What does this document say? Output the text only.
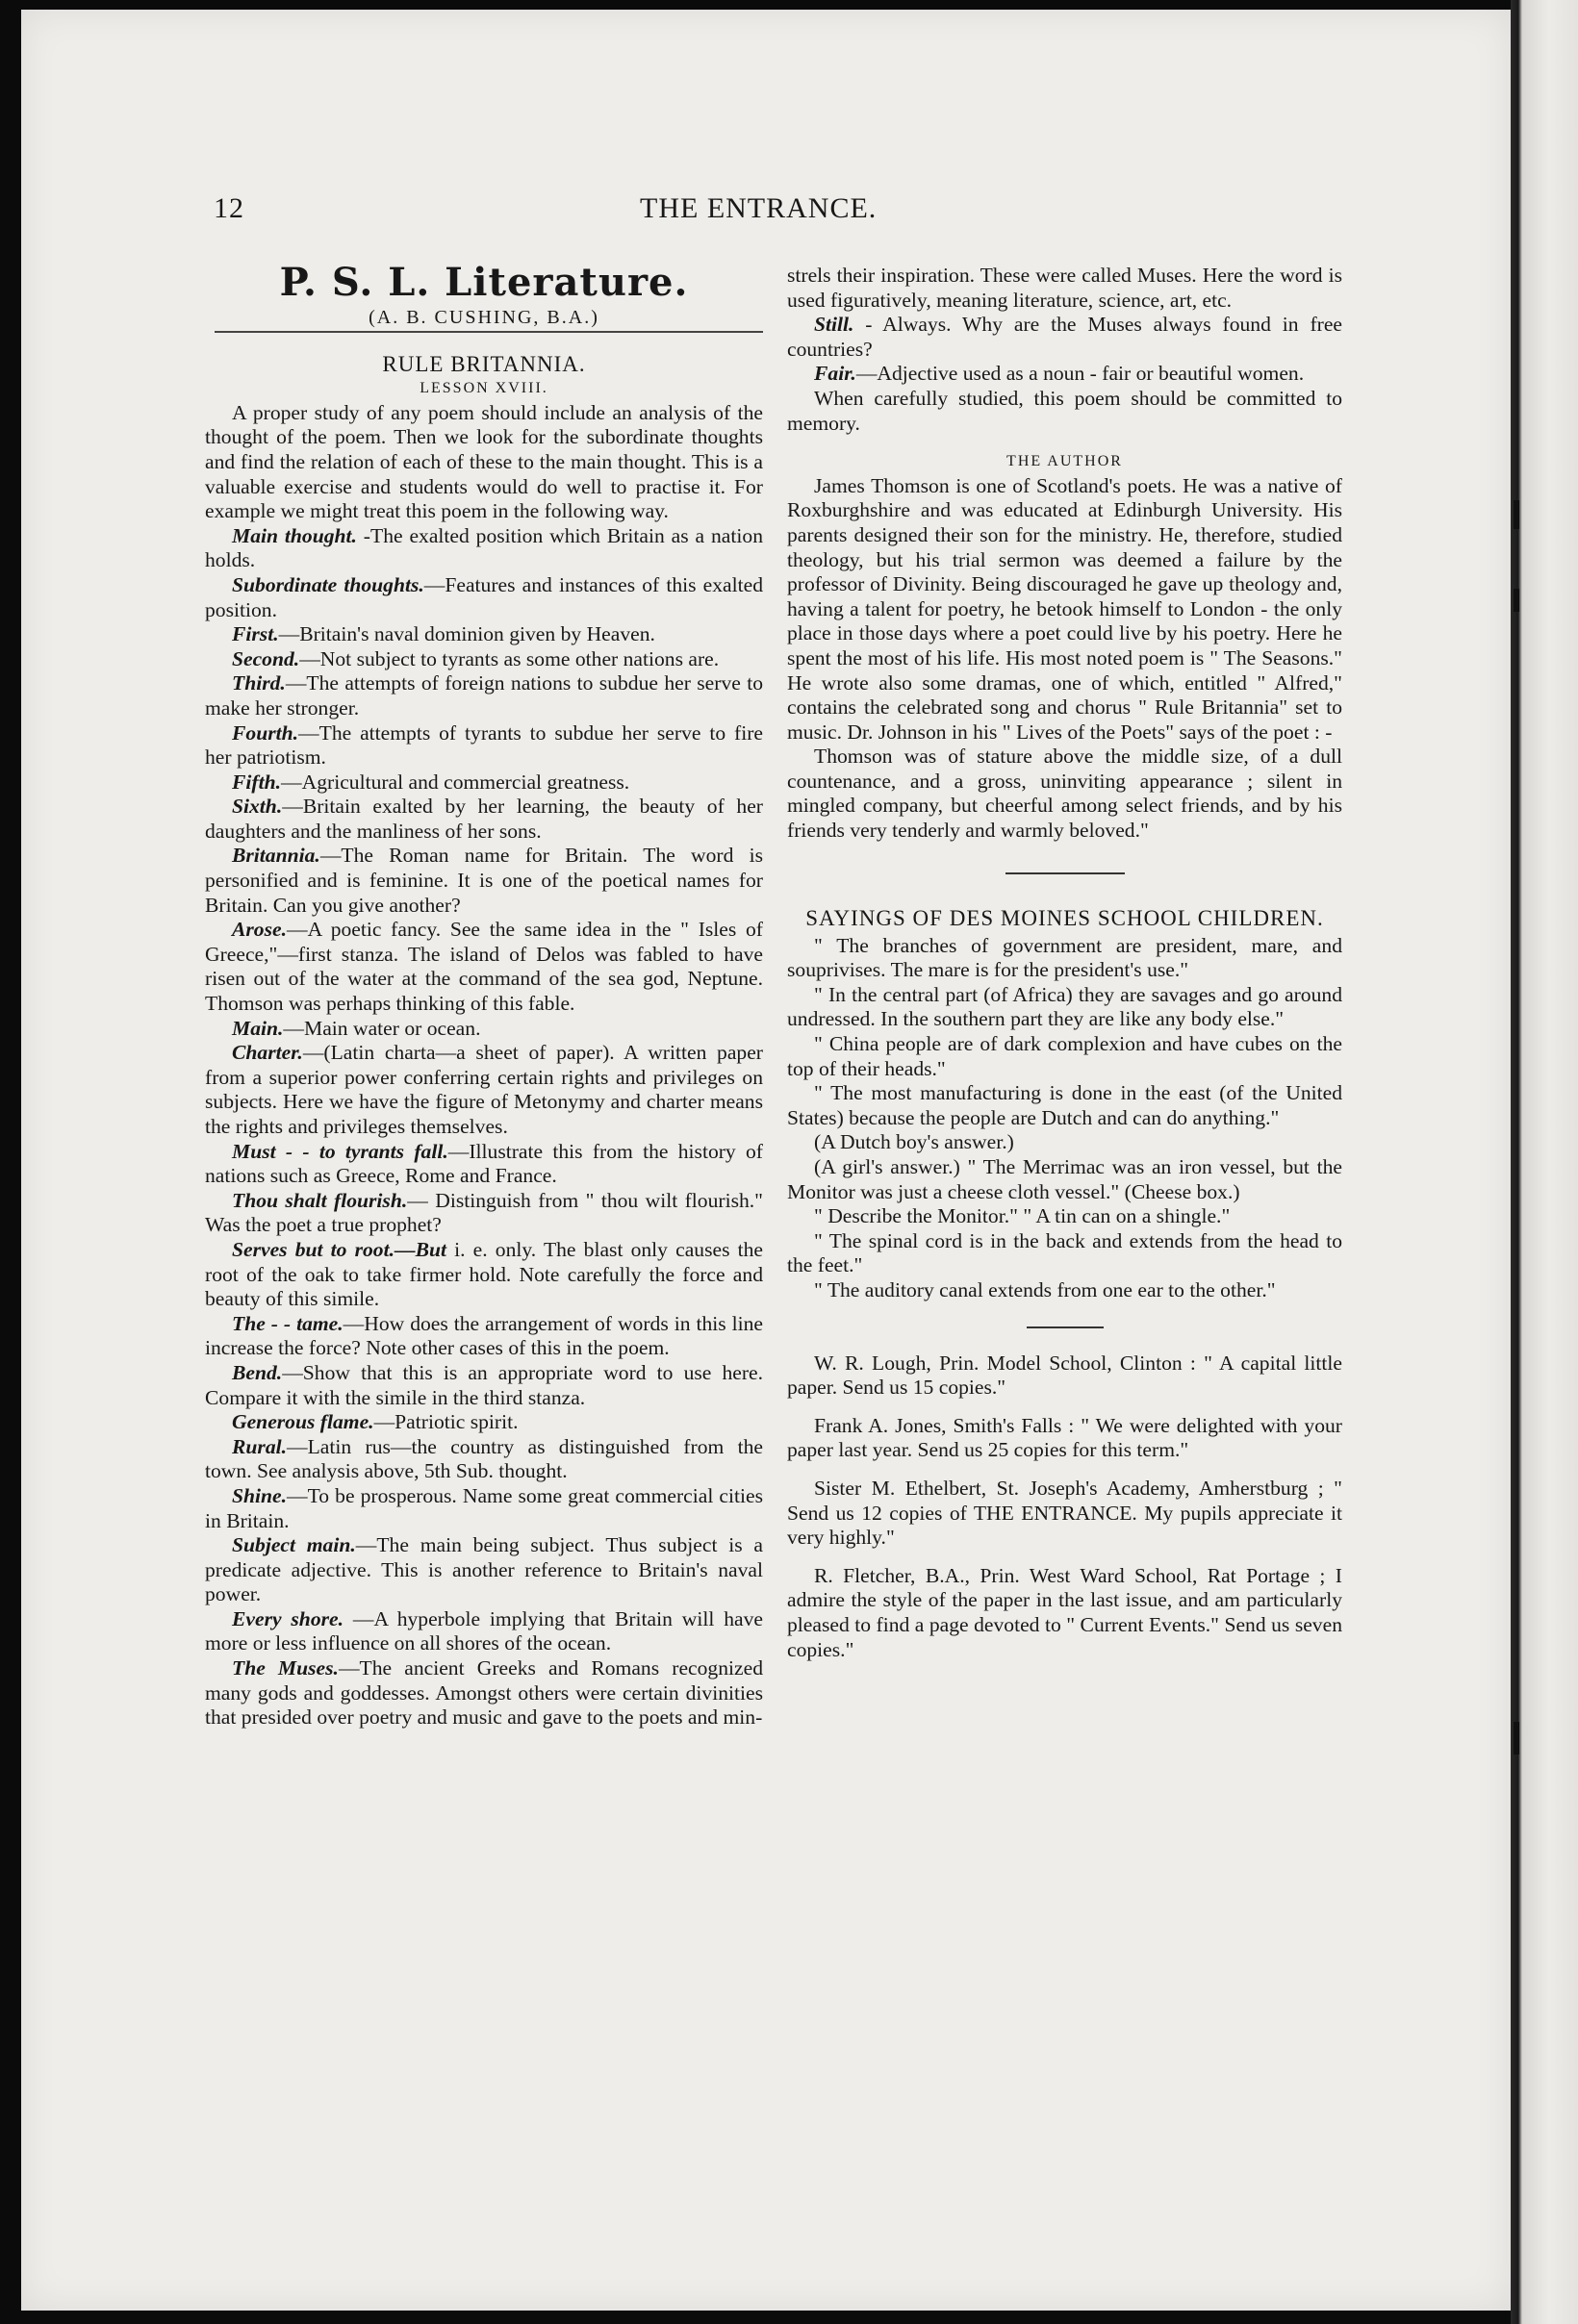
12	THE ENTRANCE.

P. S. L. Literature.

(A. B. CUSHING, B.A.)

RULE BRITANNIA.

LESSON XVIII.

A proper study of any poem should include an analysis of the thought of the poem. Then we look for the subordinate thoughts and find the relation of each of these to the main thought. This is a valuable exercise and students would do well to practise it. For example we might treat this poem in the following way.

Main thought. -The exalted position which Britain as a nation holds.

Subordinate thoughts.—Features and instances of this exalted position.

First.—Britain's naval dominion given by Heaven.

Second.—Not subject to tyrants as some other nations are.

Third.—The attempts of foreign nations to subdue her serve to make her stronger.

Fourth.—The attempts of tyrants to subdue her serve to fire her patriotism.

Fifth.—Agricultural and commercial greatness.

Sixth.—Britain exalted by her learning, the beauty of her daughters and the manliness of her sons.

Britannia.—The Roman name for Britain. The word is personified and is feminine. It is one of the poetical names for Britain. Can you give another?

Arose.—A poetic fancy. See the same idea in the " Isles of Greece,"—first stanza. The island of Delos was fabled to have risen out of the water at the command of the sea god, Neptune. Thomson was perhaps thinking of this fable.

Main.—Main water or ocean.

Charter.—(Latin charta—a sheet of paper). A written paper from a superior power conferring certain rights and privileges on subjects. Here we have the figure of Metonymy and charter means the rights and privileges themselves.

Must - - to tyrants fall.—Illustrate this from the history of nations such as Greece, Rome and France.

Thou shalt flourish.— Distinguish from " thou wilt flourish." Was the poet a true prophet?

Serves but to root.—But i. e. only. The blast only causes the root of the oak to take firmer hold. Note carefully the force and beauty of this simile.

The - - tame.—How does the arrangement of words in this line increase the force? Note other cases of this in the poem.

Bend.—Show that this is an appropriate word to use here. Compare it with the simile in the third stanza.

Generous flame.—Patriotic spirit.

Rural.—Latin rus—the country as distinguished from the town. See analysis above, 5th Sub. thought.

Shine.—To be prosperous. Name some great commercial cities in Britain.

Subject main.—The main being subject. Thus subject is a predicate adjective. This is another reference to Britain's naval power.

Every shore. —A hyperbole implying that Britain will have more or less influence on all shores of the ocean.

The Muses.—The ancient Greeks and Romans recognized many gods and goddesses. Amongst others were certain divinities that presided over poetry and music and gave to the poets and min-

strels their inspiration. These were called Muses. Here the word is used figuratively, meaning literature, science, art, etc.

Still. - Always. Why are the Muses always found in free countries?

Fair.—Adjective used as a noun - fair or beautiful women.

When carefully studied, this poem should be committed to memory.

THE AUTHOR

James Thomson is one of Scotland's poets. He was a native of Roxburghshire and was educated at Edinburgh University. His parents designed their son for the ministry. He, therefore, studied theology, but his trial sermon was deemed a failure by the professor of Divinity. Being discouraged he gave up theology and, having a talent for poetry, he betook himself to London - the only place in those days where a poet could live by his poetry. Here he spent the most of his life. His most noted poem is " The Seasons." He wrote also some dramas, one of which, entitled " Alfred," contains the celebrated song and chorus " Rule Britannia" set to music. Dr. Johnson in his " Lives of the Poets" says of the poet : -

Thomson was of stature above the middle size, of a dull countenance, and a gross, uninviting appearance ; silent in mingled company, but cheerful among select friends, and by his friends very tenderly and warmly beloved."

SAYINGS OF DES MOINES SCHOOL CHILDREN.

" The branches of government are president, mare, and souprivises. The mare is for the president's use."

" In the central part (of Africa) they are savages and go around undressed. In the southern part they are like any body else."

" China people are of dark complexion and have cubes on the top of their heads."

" The most manufacturing is done in the east (of the United States) because the people are Dutch and can do anything."

(A Dutch boy's answer.)

(A girl's answer.) " The Merrimac was an iron vessel, but the Monitor was just a cheese cloth vessel." (Cheese box.)

" Describe the Monitor." " A tin can on a shingle."

" The spinal cord is in the back and extends from the head to the feet."

" The auditory canal extends from one ear to the other."

W. R. Lough, Prin. Model School, Clinton : " A capital little paper. Send us 15 copies."

Frank A. Jones, Smith's Falls : " We were delighted with your paper last year. Send us 25 copies for this term."

Sister M. Ethelbert, St. Joseph's Academy, Amherstburg ; " Send us 12 copies of THE ENTRANCE. My pupils appreciate it very highly."

R. Fletcher, B.A., Prin. West Ward School, Rat Portage ; I admire the style of the paper in the last issue, and am particularly pleased to find a page devoted to " Current Events." Send us seven copies."
